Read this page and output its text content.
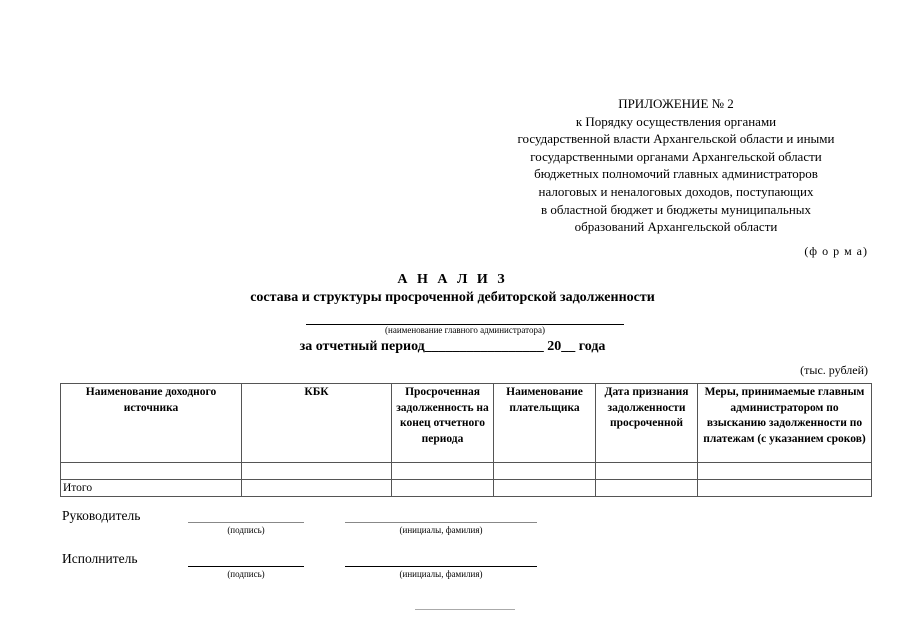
ПРИЛОЖЕНИЕ № 2
к Порядку осуществления органами
государственной власти Архангельской области и иными
государственными органами Архангельской области
бюджетных полномочий главных администраторов
налоговых и неналоговых доходов, поступающих
в областной бюджет и бюджеты муниципальных
образований Архангельской области
(ф о р м а)
А Н А Л И З
состава и структуры просроченной дебиторской задолженности
(наименование главного администратора)
за отчетный период_________________ 20__ года
(тыс. рублей)
Наименование доходного источника	КБК	Просроченная задолженность на конец отчетного периода	Наименование плательщика	Дата признания задолженности просроченной	Меры, принимаемые главным администратором по взысканию задолженности по платежам (с указанием сроков)

Итого					
Руководитель
(подпись)	(инициалы, фамилия)
Исполнитель
(подпись)	(инициалы, фамилия)
